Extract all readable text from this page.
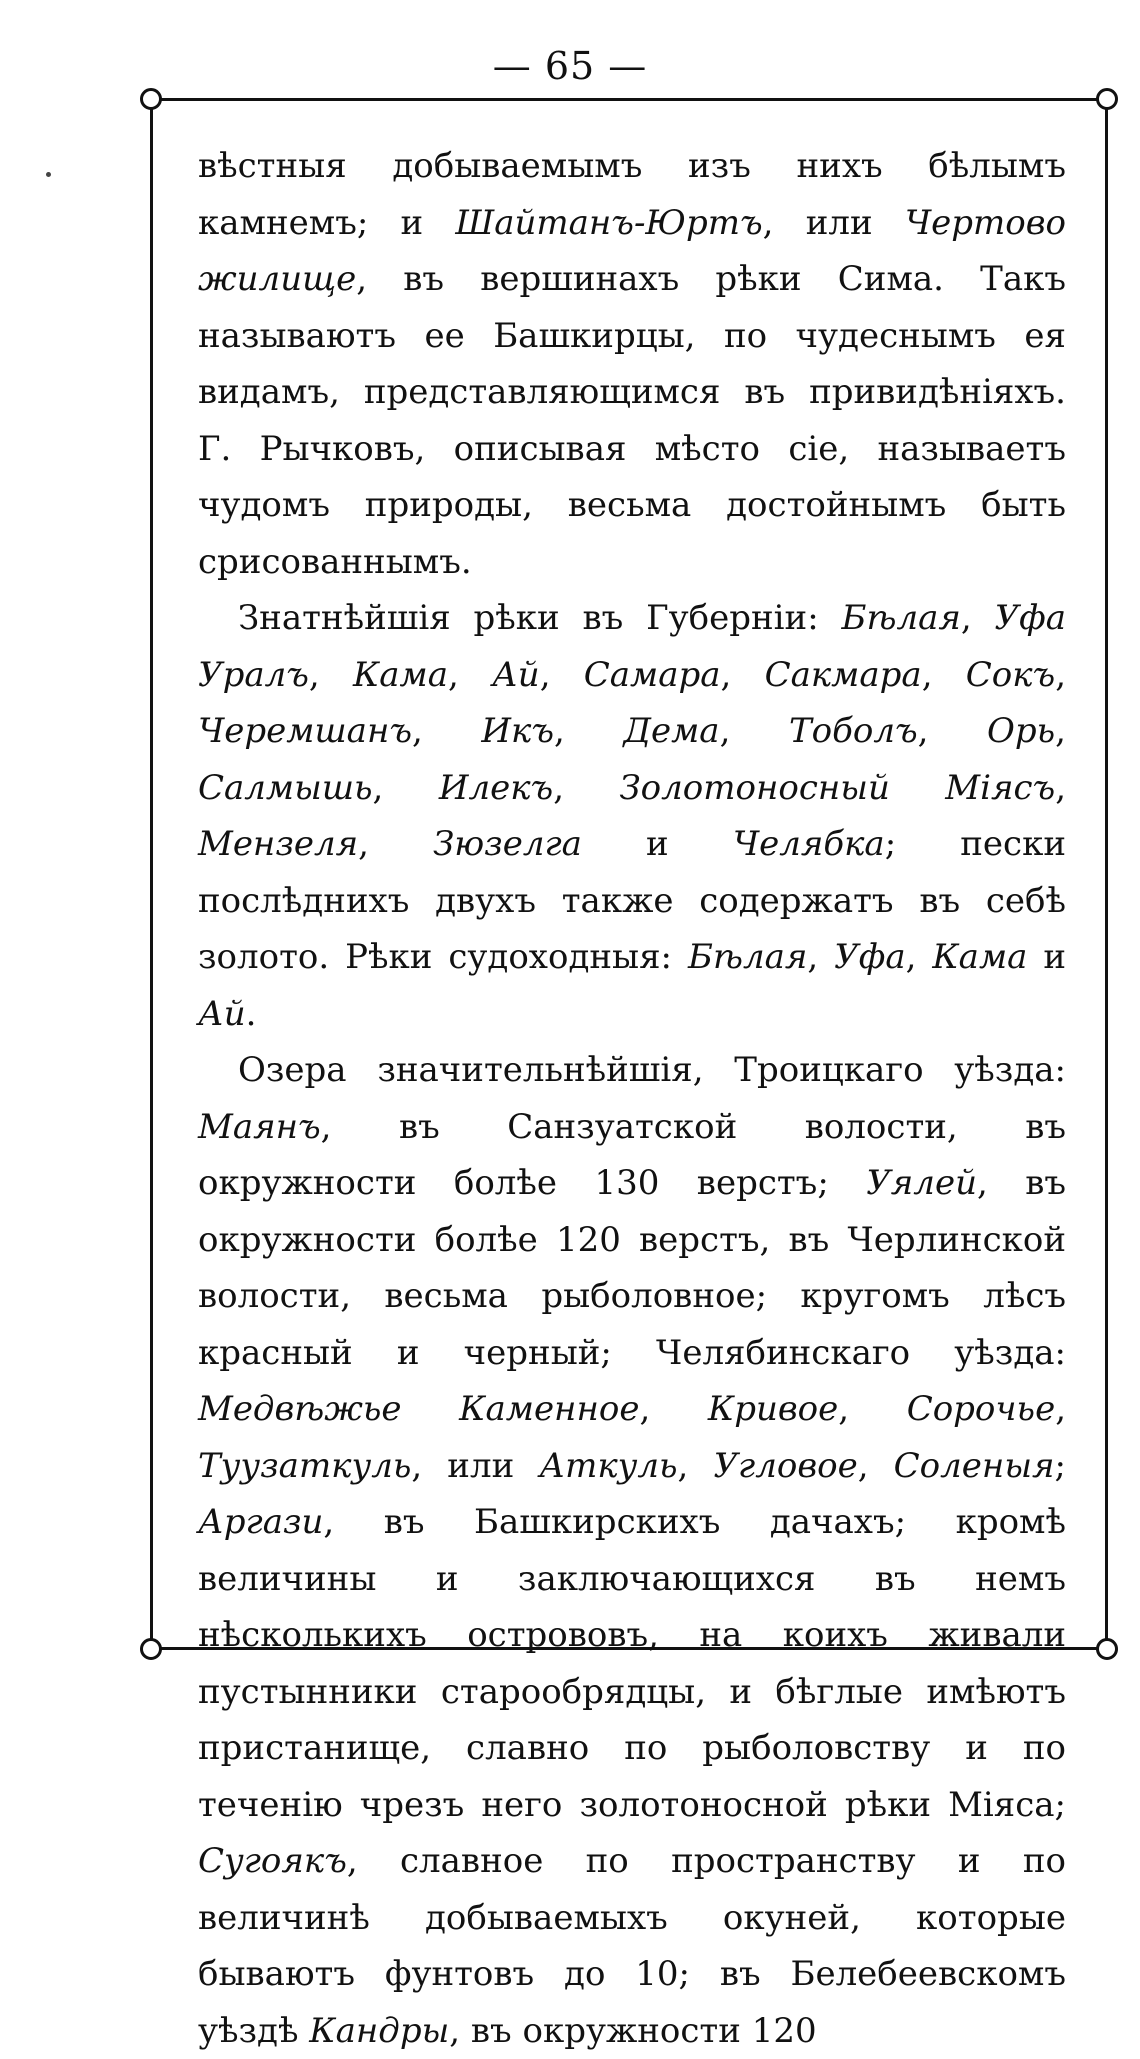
— 65 —

вѣстныя добываемымъ изъ нихъ бѣлымъ камнемъ; и Шайтанъ-Юртъ, или Чертово жилище, въ вершинахъ рѣки Сима. Такъ называютъ ее Башкирцы, по чудеснымъ ея видамъ, представляющимся въ привидѣніяхъ. Г. Рычковъ, описывая мѣсто сіе, называетъ чудомъ природы, весьма достойнымъ быть срисованнымъ.

Знатнѣйшія рѣки въ Губерніи: Бѣлая, Уфа Уралъ, Кама, Ай, Самара, Сакмара, Сокъ, Черемшанъ, Икъ, Дема, Тоболъ, Орь, Салмышь, Илекъ, Золотоносный Міясъ, Мензеля, Зюзелга и Челябка; пески послѣднихъ двухъ также содержатъ въ себѣ золото. Рѣки судоходныя: Бѣлая, Уфа, Кама и Ай.

Озера значительнѣйшія, Троицкаго уѣзда: Маянъ, въ Санзуатской волости, въ окружности болѣе 130 верстъ; Уялей, въ окружности болѣе 120 верстъ, въ Черлинской волости, весьма рыболовное; кругомъ лѣсъ красный и черный; Челябинскаго уѣзда: Медвѣжье Каменное, Кривое, Сорочье, Туузаткуль, или Аткуль, Угловое, Соленыя; Аргази, въ Башкирскихъ дачахъ; кромѣ величины и заключающихся въ немъ нѣсколькихъ острововъ, на коихъ живали пустынники старообрядцы, и бѣглые имѣютъ пристанище, славно по рыболовству и по теченію чрезъ него золотоносной рѣки Міяса; Сугоякъ, славное по пространству и по величинѣ добываемыхъ окуней, которые бываютъ фунтовъ до 10; въ Белебеевскомъ уѣздѣ Кандры, въ окружности 120
